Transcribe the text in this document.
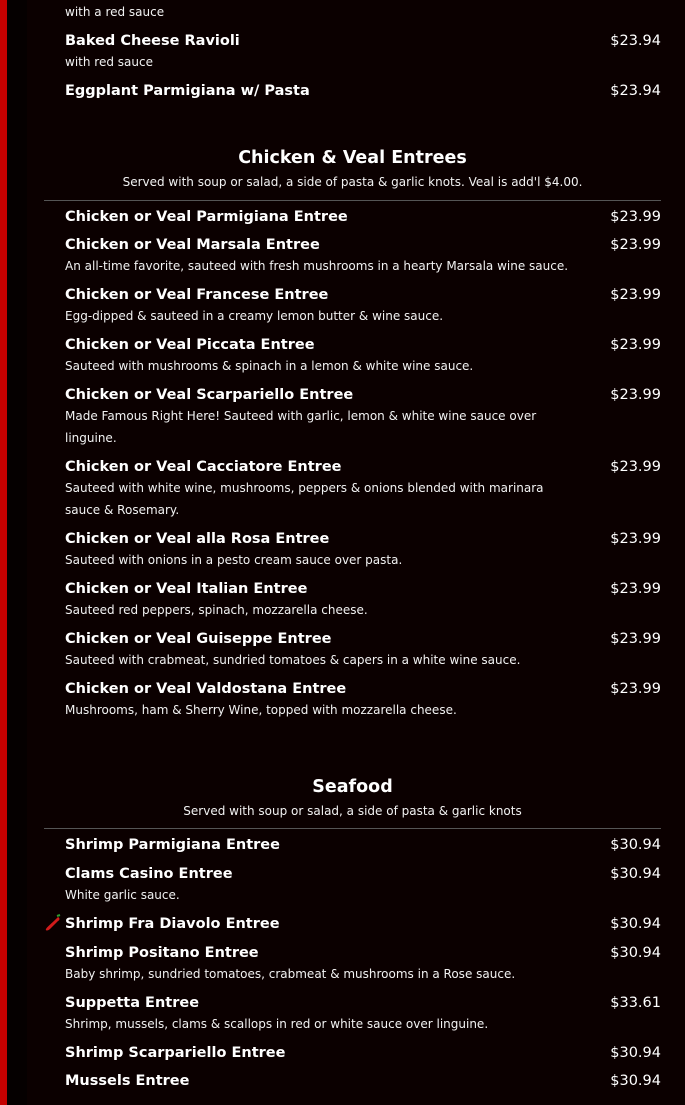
with a red sauce
Baked Cheese Ravioli	$23.94
with red sauce
Eggplant Parmigiana w/ Pasta	$23.94
Chicken & Veal Entrees
Served with soup or salad, a side of pasta & garlic knots. Veal is add'l $4.00.
Chicken or Veal Parmigiana Entree	$23.99
Chicken or Veal Marsala Entree	$23.99
An all-time favorite, sauteed with fresh mushrooms in a hearty Marsala wine sauce.
Chicken or Veal Francese Entree	$23.99
Egg-dipped & sauteed in a creamy lemon butter & wine sauce.
Chicken or Veal Piccata Entree	$23.99
Sauteed with mushrooms & spinach in a lemon & white wine sauce.
Chicken or Veal Scarpariello Entree	$23.99
Made Famous Right Here! Sauteed with garlic, lemon & white wine sauce over linguine.
Chicken or Veal Cacciatore Entree	$23.99
Sauteed with white wine, mushrooms, peppers & onions blended with marinara sauce & Rosemary.
Chicken or Veal alla Rosa Entree	$23.99
Sauteed with onions in a pesto cream sauce over pasta.
Chicken or Veal Italian Entree	$23.99
Sauteed red peppers, spinach, mozzarella cheese.
Chicken or Veal Guiseppe Entree	$23.99
Sauteed with crabmeat, sundried tomatoes & capers in a white wine sauce.
Chicken or Veal Valdostana Entree	$23.99
Mushrooms, ham & Sherry Wine, topped with mozzarella cheese.
Seafood
Served with soup or salad, a side of pasta & garlic knots
Shrimp Parmigiana Entree	$30.94
Clams Casino Entree	$30.94
White garlic sauce.
Shrimp Fra Diavolo Entree	$30.94
Shrimp Positano Entree	$30.94
Baby shrimp, sundried tomatoes, crabmeat & mushrooms in a Rose sauce.
Suppetta Entree	$33.61
Shrimp, mussels, clams & scallops in red or white sauce over linguine.
Shrimp Scarpariello Entree	$30.94
Mussels Entree	$30.94
